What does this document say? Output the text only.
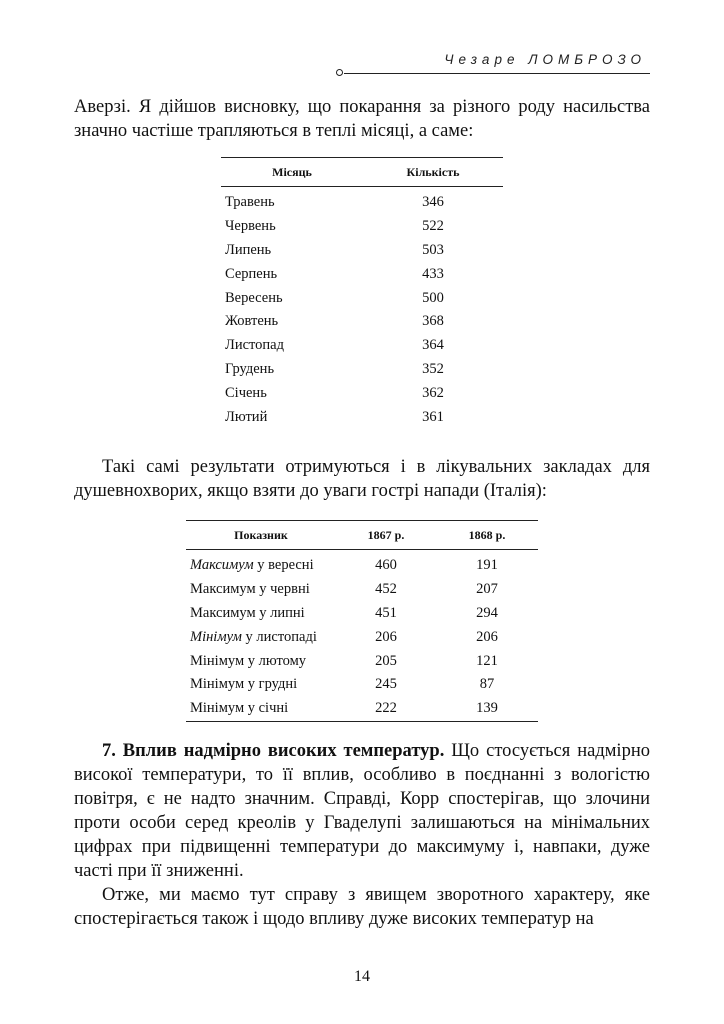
Чезаре ЛОМБРОЗО

Аверзі. Я дійшов висновку, що покарання за різного роду насильства значно частіше трапляються в теплі місяці, а саме:

Місяць	Кількість
Травень	346
Червень	522
Липень	503
Серпень	433
Вересень	500
Жовтень	368
Листопад	364
Грудень	352
Січень	362
Лютий	361

Такі самі результати отримуються і в лікувальних закладах для душевнохворих, якщо взяти до уваги гострі напади (Італія):

Показник	1867 р.	1868 р.
Максимум у вересні	460	191
Максимум у червні	452	207
Максимум у липні	451	294
Мінімум у листопаді	206	206
Мінімум у лютому	205	121
Мінімум у грудні	245	87
Мінімум у січні	222	139

7. Вплив надмірно високих температур. Що стосується надмірно високої температури, то її вплив, особливо в поєднанні з вологістю повітря, є не надто значним. Справді, Корр спостерігав, що злочини проти особи серед креолів у Гваделупі залишаються на мінімальних цифрах при підвищенні температури до максимуму і, навпаки, дуже часті при її зниженні.

Отже, ми маємо тут справу з явищем зворотного характеру, яке спостерігається також і щодо впливу дуже високих температур на

14
